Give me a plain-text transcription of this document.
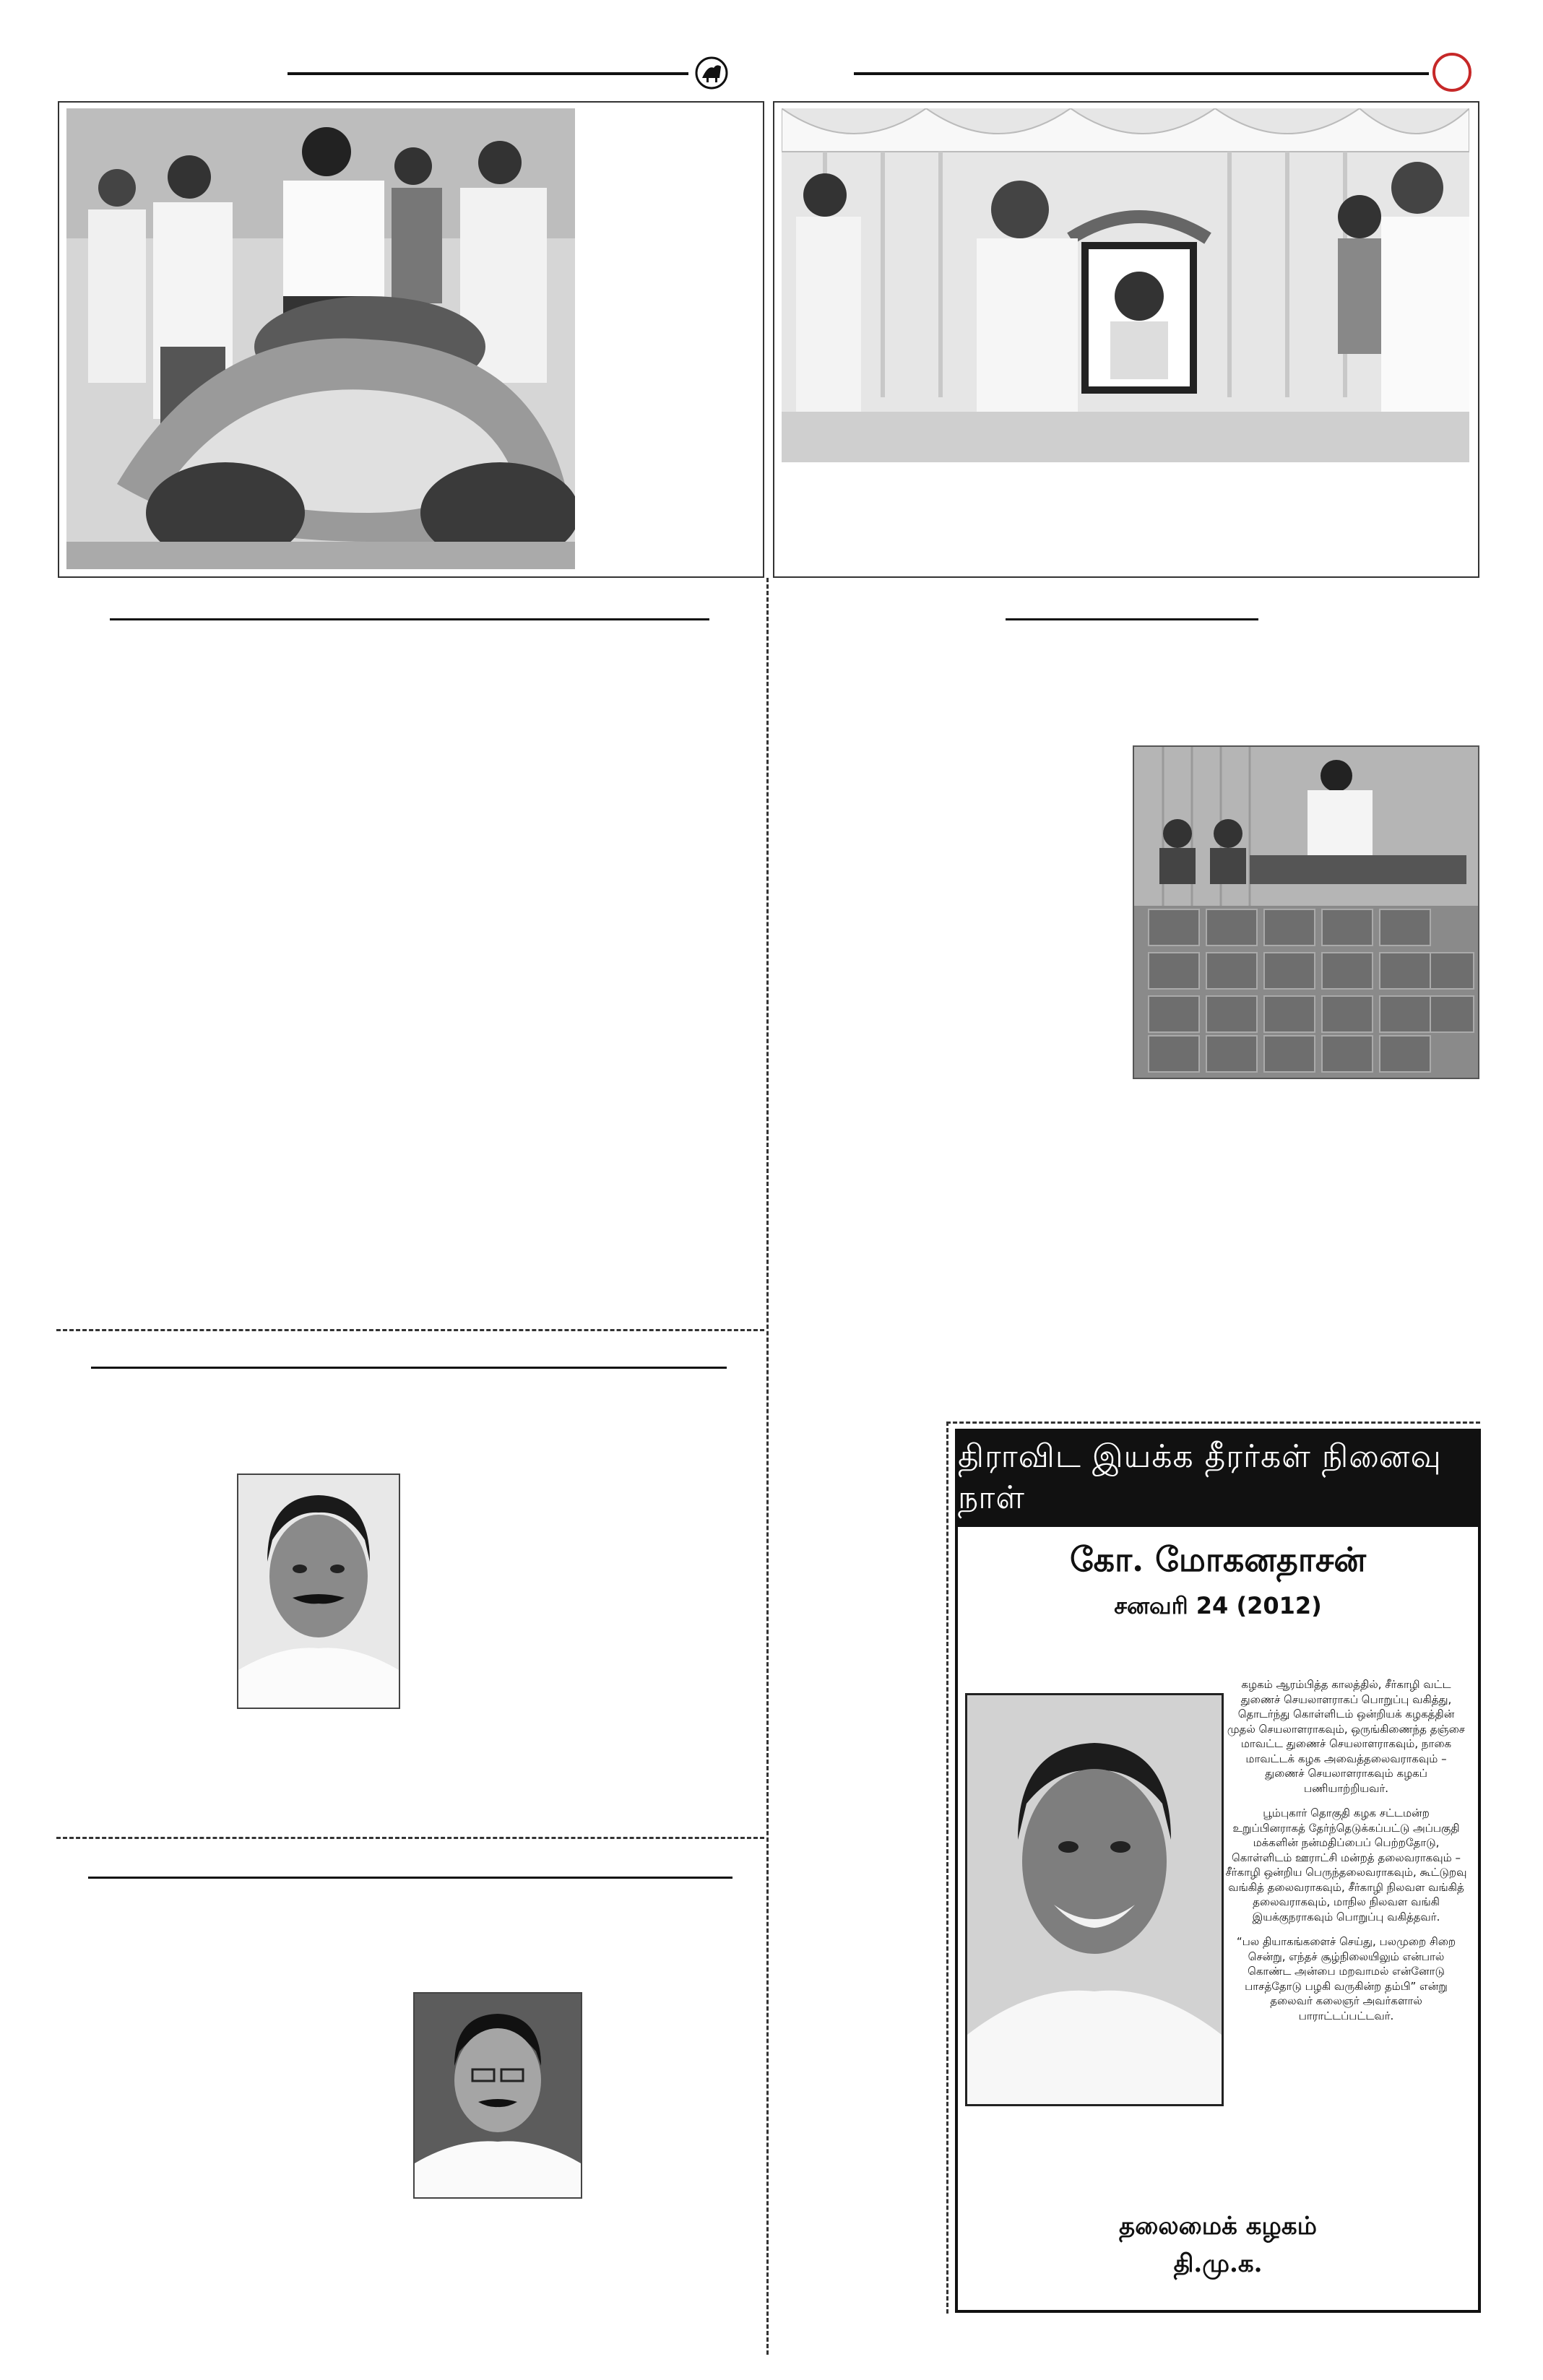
திராவிட இயக்க தீரர்கள் நினைவு நாள்
கோ. மோகனதாசன்
சனவரி 24 (2012)

கழகம் ஆரம்பித்த காலத்தில், சீர்காழி வட்ட துணைச் செயலாளராகப் பொறுப்பு வகித்து, தொடர்ந்து கொள்ளிடம் ஒன்றியக் கழகத்தின் முதல் செயலாளராகவும், ஒருங்கிணைந்த தஞ்சை மாவட்ட துணைச் செயலாளராகவும், நாகை மாவட்டக் கழக அவைத்தலைவராகவும் – துணைச் செயலாளராகவும் கழகப் பணியாற்றியவர்.

பூம்புகார் தொகுதி கழக சட்டமன்ற உறுப்பினராகத் தேர்ந்தெடுக்கப்பட்டு அப்பகுதி மக்களின் நன்மதிப்பைப் பெற்றதோடு, கொள்ளிடம் ஊராட்சி மன்றத் தலைவராகவும் – சீர்காழி ஒன்றிய பெருந்தலைவராகவும், கூட்டுறவு வங்கித் தலைவராகவும், சீர்காழி நிலவள வங்கித் தலைவராகவும், மாநில நிலவள வங்கி இயக்குநராகவும் பொறுப்பு வகித்தவர்.

“பல தியாகங்களைச் செய்து, பலமுறை சிறை சென்று, எந்தச் சூழ்நிலையிலும் என்பால் கொண்ட அன்பை மறவாமல் என்னோடு பாசத்தோடு பழகி வருகின்ற தம்பி” என்று தலைவர் கலைஞர் அவர்களால் பாராட்டப்பட்டவர்.

தலைமைக் கழகம்
தி.மு.க.
